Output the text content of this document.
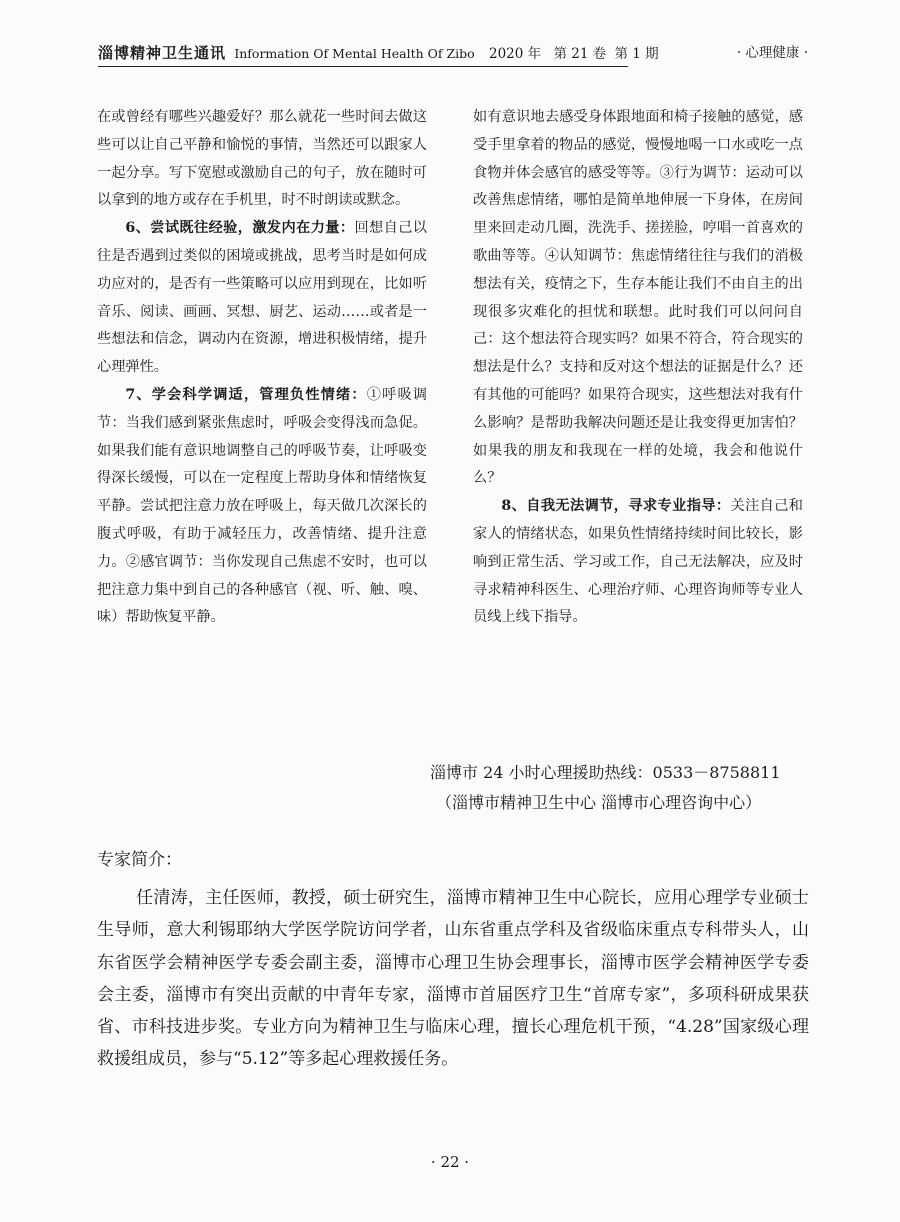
淄博精神卫生通讯 Information Of Mental Health Of Zibo 2020 年 第 21 卷 第 1 期	· 心理健康 ·

在或曾经有哪些兴趣爱好？那么就花一些时间去做这些可以让自己平静和愉悦的事情，当然还可以跟家人一起分享。写下宽慰或激励自己的句子，放在随时可以拿到的地方或存在手机里，时不时朗读或默念。

6、尝试既往经验，激发内在力量：回想自己以往是否遇到过类似的困境或挑战，思考当时是如何成功应对的，是否有一些策略可以应用到现在，比如听音乐、阅读、画画、冥想、厨艺、运动……或者是一些想法和信念，调动内在资源，增进积极情绪，提升心理弹性。

7、学会科学调适，管理负性情绪：①呼吸调节：当我们感到紧张焦虑时，呼吸会变得浅而急促。如果我们能有意识地调整自己的呼吸节奏，让呼吸变得深长缓慢，可以在一定程度上帮助身体和情绪恢复平静。尝试把注意力放在呼吸上，每天做几次深长的腹式呼吸，有助于减轻压力，改善情绪、提升注意力。②感官调节：当你发现自己焦虑不安时，也可以把注意力集中到自己的各种感官（视、听、触、嗅、味）帮助恢复平静。

如有意识地去感受身体跟地面和椅子接触的感觉，感受手里拿着的物品的感觉，慢慢地喝一口水或吃一点食物并体会感官的感受等等。③行为调节：运动可以改善焦虑情绪，哪怕是简单地伸展一下身体，在房间里来回走动几圈，洗洗手、搓搓脸，哼唱一首喜欢的歌曲等等。④认知调节：焦虑情绪往往与我们的消极想法有关，疫情之下，生存本能让我们不由自主的出现很多灾难化的担忧和联想。此时我们可以问问自己：这个想法符合现实吗？如果不符合，符合现实的想法是什么？支持和反对这个想法的证据是什么？还有其他的可能吗？如果符合现实，这些想法对我有什么影响？是帮助我解决问题还是让我变得更加害怕？如果我的朋友和我现在一样的处境，我会和他说什么？

8、自我无法调节，寻求专业指导：关注自己和家人的情绪状态，如果负性情绪持续时间比较长，影响到正常生活、学习或工作，自己无法解决，应及时寻求精神科医生、心理治疗师、心理咨询师等专业人员线上线下指导。

淄博市 24 小时心理援助热线：0533－8758811
（淄博市精神卫生中心 淄博市心理咨询中心）

专家简介：

任清涛，主任医师，教授，硕士研究生，淄博市精神卫生中心院长，应用心理学专业硕士生导师，意大利锡耶纳大学医学院访问学者，山东省重点学科及省级临床重点专科带头人，山东省医学会精神医学专委会副主委，淄博市心理卫生协会理事长，淄博市医学会精神医学专委会主委，淄博市有突出贡献的中青年专家，淄博市首届医疗卫生“首席专家”，多项科研成果获省、市科技进步奖。专业方向为精神卫生与临床心理，擅长心理危机干预，“4.28”国家级心理救援组成员，参与“5.12”等多起心理救援任务。

· 22 ·
